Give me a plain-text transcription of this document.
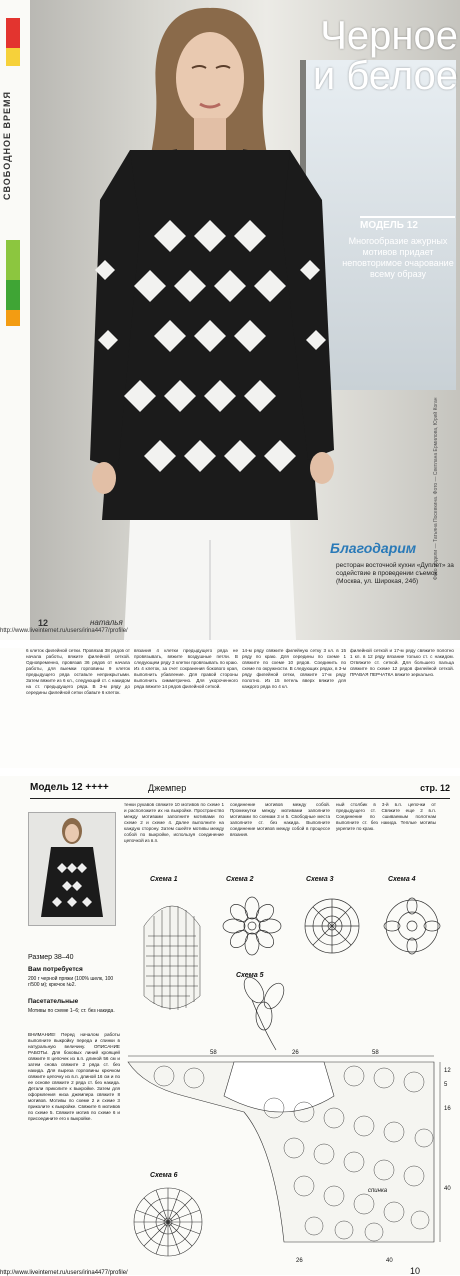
СВОБОДНОЕ ВРЕМЯ
Черное
и белое
МОДЕЛЬ 12
Многообразие ажурных мотивов придает неповторимое очарование всему образу
Фото модели — Татьяна Посевкина. Фото — Светлана Ермилова, Юрий Коган
Благодарим
ресторан восточной кухни «Дуплет» за содействие в проведении съемок (Москва, ул. Широкая, 24б)
12	наталья
http://www.liveinternet.ru/users/irina4477/profile/
6 клеток филейной сетки. Провязав 38 рядов от начала работы, вяжите филейной сеткой. Одновременно, провязав 36 рядов от начала работы, для выемки горловины 9 клеток предыдущего ряда оставьте неприкрытыми. Затем вяжите из 6 кл., следующий ст. с накидом на ст. предыдущего ряда. В 3-м ряду до середины филейной сетки сбавьте 6 клеток.
вязания 4 клетки предыдущего ряда не провязывать, вяжите воздушные петли. В следующем ряду 3 клетки провязывать по краю. Из 4 клеток, за счет сохранения бокового края, выполнить убавление. Для правой стороны выполнить симметрично. Для укороченного ряда вяжите 14 рядов филейной сеткой.
14-м ряду свяжите филейную сетку 3 кл. в 15 ряду по краю. Для середины по схеме 1 свяжите по схеме 10 рядов. Соединить по схеме по окружности. В следующих рядах, в 3-м ряду филейной сетки, свяжите 17-м ряду полотно. Из 15 петель вверх вяжите для каждого ряда по 4 кл.
филейной сеткой и 17-м ряду свяжите полотно 1 кл. в 12 ряду вязание только ст. с накидом. Отвяжите ст. сеткой. Для большего пальца свяжите по схеме 12 рядов филейной сеткой. ПРАВАЯ ПЕРЧАТКА вяжите зеркально.
Модель 12 ++++	Джемпер	стр. 12
Размер 38–40
Вам потребуется
200 г черной пряжи (100% шелк, 100 г/500 м); крючок №2.
Пасетательные
Мотивы по схеме 1–6; ст. без накида.
ВНИМАНИЕ! Перед началом работы выполните выкройку переда и спинки в натуральную величину. ОПИСАНИЕ РАБОТЫ. Для боковых линий кроящей свяжите 8 цепочек из в.п. длиной 56 см и затем снова свяжите 2 ряда ст. без накида. Для выреза горловины крючком свяжите цепочку из в.п. длиной 16 см и по ее основе свяжите 2 ряда ст. без накида. Детали приколите к выкройке. Затем для оформления низа джемпера свяжите 8 мотивов. Мотивы по схеме 2 и схеме 3 приколите к выкройке. Свяжите 6 мотивов по схеме 5. Свяжите мотив по схеме 6 и присоедините его к выкройке.
тенки рукавов свяжите 10 мотивов по схеме 1 и расположите их на выкройке. Пространство между мотивами заполните мотивами по схеме 2 и схеме 4. Далее выполните на каждую сторону. Затем сшейте мотивы между собой по выкройке, используя соединение цепочкой из в.п.
соединение мотивов между собой. Промежутки между мотивами заполните мотивами по схемам 3 и 5. Свободные места заполните ст. без накида. Выполните соединение мотивов между собой в процессе вязания.
ный столбик в 3-й в.п. цепочки от предыдущего ст. Свяжите еще 2 в.п. Соединение по сшиваемым полотнам выполните ст. без накида. Теплые мотивы укрепите по краю.
Схема 1	Схема 2	Схема 3	Схема 4
Схема 5
Схема 6
58	26	58
12
5
16
40
26	40
спинка
http://www.liveinternet.ru/users/irina4477/profile/	10
